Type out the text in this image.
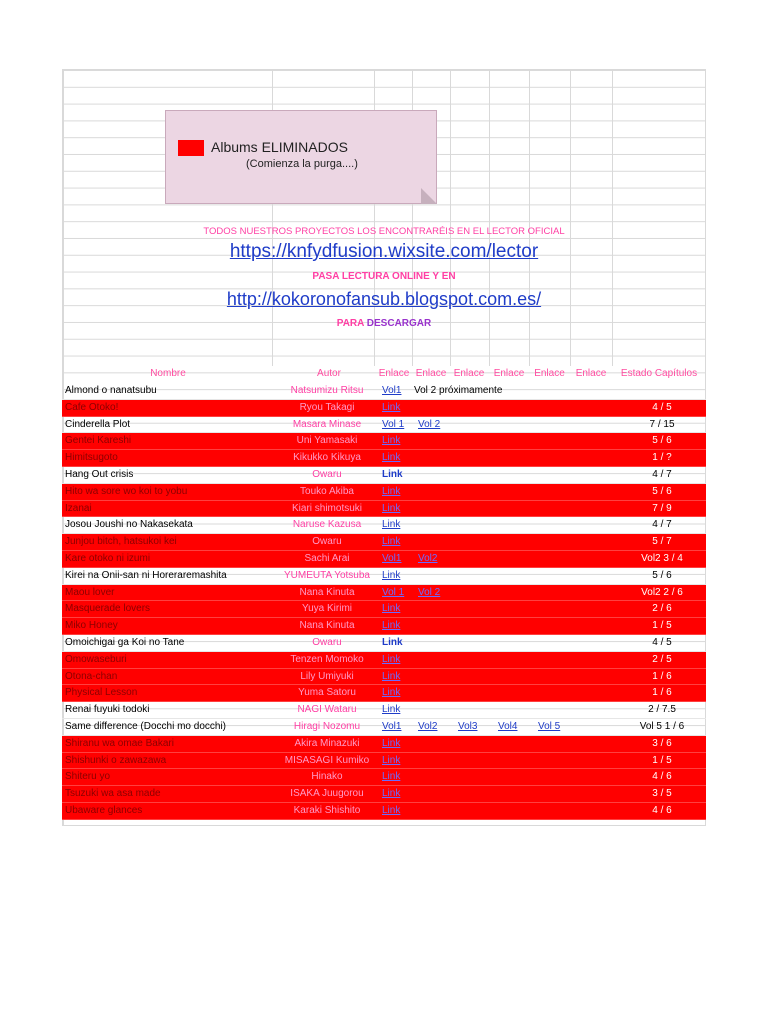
Albums ELIMINADOS
(Comienza la purga....)
TODOS NUESTROS PROYECTOS LOS ENCONTRARÉIS EN EL LECTOR OFICIAL
https://knfydfusion.wixsite.com/lector
PASA LECTURA ONLINE Y EN
http://kokoronofansub.blogspot.com.es/
PARA DESCARGAR
Nombre	Autor	Enlace Enlace Enlace Enlace Enlace	Enlace	Estado Capítulos
Almond o nanatsubu	Natsumizu Ritsu	Vol1 Vol 2 próximamente
Cafe Otoko!	Ryou Takagi	Link	4 / 5
Cinderella Plot	Masara Minase	Vol 1 Vol 2	7 / 15
Gentei Kareshi	Uni Yamasaki	Link	5 / 6
Himitsugoto	Kikukko Kikuya	Link	1 / ?
Hang Out crisis	Owaru	Link	4 / 7
Hito wa sore wo koi to yobu	Touko Akiba	Link	5 / 6
Izanai	Kiari shimotsuki	Link	7 / 9
Josou Joushi no Nakasekata	Naruse Kazusa	Link	4 / 7
Junjou bitch, hatsukoi kei	Owaru	Link	5 / 7
Kare otoko ni izumi	Sachi Arai	Vol1 Vol2	Vol2 3 / 4
Kirei na Onii-san ni Horeraremashita	YUMEUTA Yotsuba	Link	5 / 6
Maou lover	Nana Kinuta	Vol 1 Vol 2	Vol2 2 / 6
Masquerade lovers	Yuya Kirimi	Link	2 / 6
Miko Honey	Nana Kinuta	Link	1 / 5
Omoichigai ga Koi no Tane	Owaru	Link	4 / 5
Omowaseburi	Tenzen Momoko	Link	2 / 5
Otona-chan	Lily Umiyuki	Link	1 / 6
Physical Lesson	Yuma Satoru	Link	1 / 6
Renai fuyuki todoki	NAGI Wataru	Link	2 / 7.5
Same difference (Docchi mo docchi)	Hiragi Nozomu	Vol1 Vol2 Vol3 Vol4 Vol 5	Vol 5 1 / 6
Shiranu wa omae Bakari	Akira Minazuki	Link	3 / 6
Shishunki o zawazawa	MISASAGI Kumiko	Link	1 / 5
Shiteru yo	Hinako	Link	4 / 6
Tsuzuki wa asa made	ISAKA Juugorou	Link	3 / 5
Ubaware glances	Karaki Shishito	Link	4 / 6
